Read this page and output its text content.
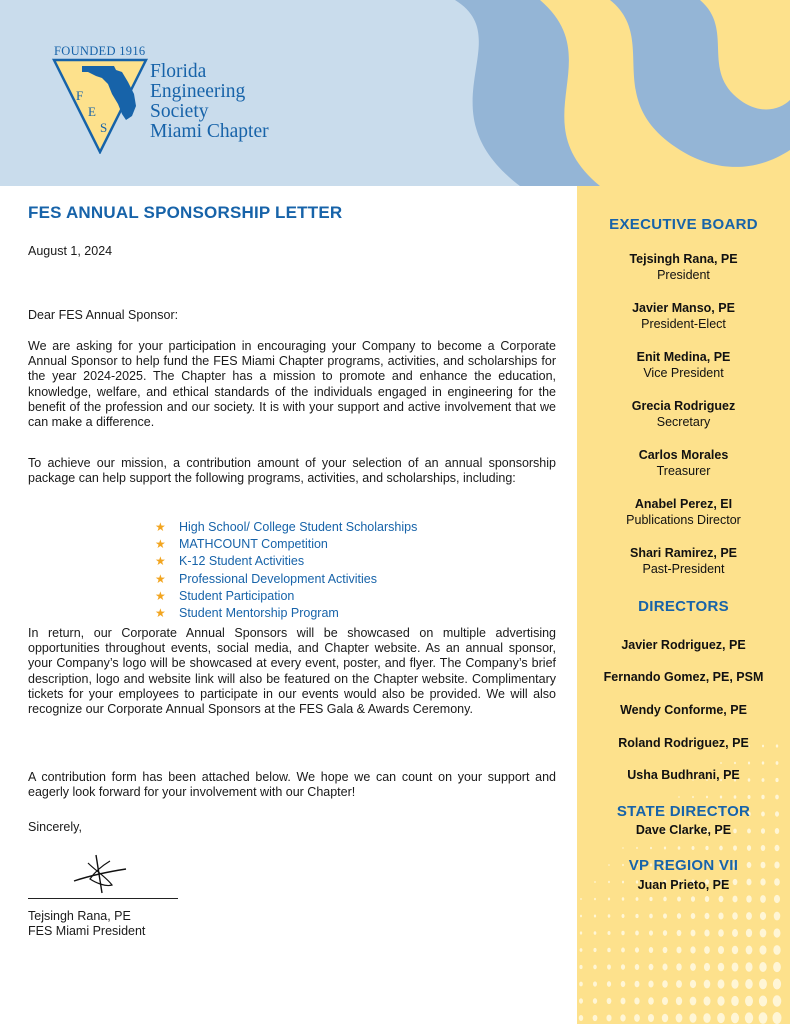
FOUNDED 1916
F
E
S
Florida
Engineering
Society
Miami Chapter
FES ANNUAL SPONSORSHIP LETTER
August 1, 2024
Dear FES Annual Sponsor:
We are asking for your participation in encouraging your Company to become a Corporate Annual Sponsor to help fund the FES Miami Chapter programs, activities, and scholarships for the year 2024-2025. The Chapter has a mission to promote and enhance the education, knowledge, welfare, and ethical standards of the individuals engaged in engineering for the benefit of the profession and our society. It is with your support and active involvement that we can make a difference.
To achieve our mission, a contribution amount of your selection of an annual sponsorship package can help support the following programs, activities, and scholarships, including:
★ High School/ College Student Scholarships
★ MATHCOUNT Competition
★ K-12 Student Activities
★ Professional Development Activities
★ Student Participation
★ Student Mentorship Program
In return, our Corporate Annual Sponsors will be showcased on multiple advertising opportunities throughout events, social media, and Chapter website. As an annual sponsor, your Company’s logo will be showcased at every event, poster, and flyer. The Company’s brief description, logo and website link will also be featured on the Chapter website. Complimentary tickets for your employees to participate in our events would also be provided. We will also recognize our Corporate Annual Sponsors at the FES Gala & Awards Ceremony.
A contribution form has been attached below. We hope we can count on your support and eagerly look forward for your involvement with our Chapter!
Sincerely,
Tejsingh Rana, PE
FES Miami President
EXECUTIVE BOARD
Tejsingh Rana, PE
President
Javier Manso, PE
President-Elect
Enit Medina, PE
Vice President
Grecia Rodriguez
Secretary
Carlos Morales
Treasurer
Anabel Perez, EI
Publications Director
Shari Ramirez, PE
Past-President
DIRECTORS
Javier Rodriguez, PE
Fernando Gomez, PE, PSM
Wendy Conforme, PE
Roland Rodriguez, PE
Usha Budhrani, PE
STATE DIRECTOR
Dave Clarke, PE
VP REGION VII
Juan Prieto, PE
